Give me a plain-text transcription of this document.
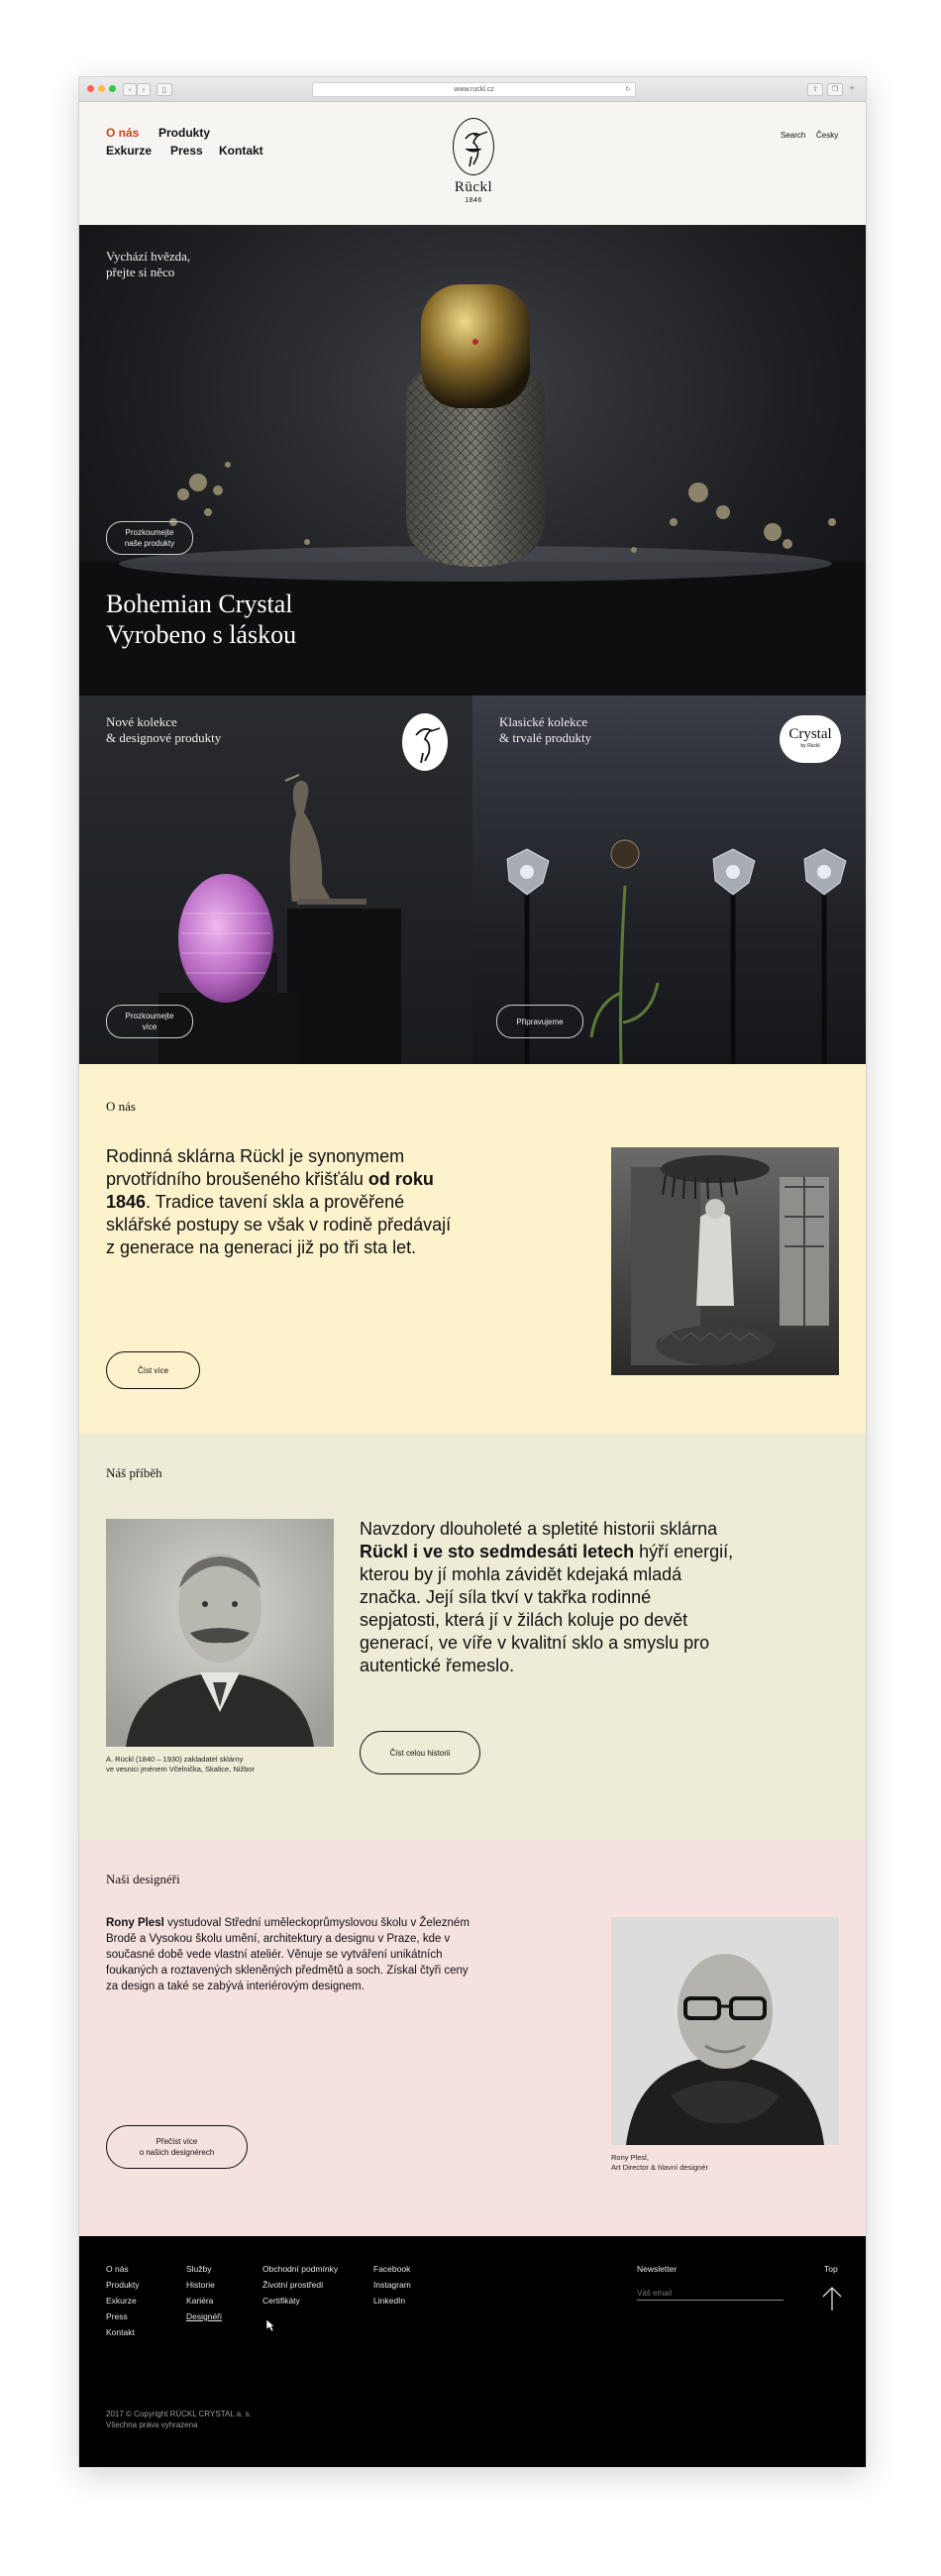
‹	›	▯	www.ruckl.cz	↻	⇧	❐	+
O nás Produkty
Exkurze Press Kontakt
Rückl
1846
Search Česky
Vychází hvězda,
přejte si něco
Prozkoumejte
naše produkty
Bohemian Crystal
Vyrobeno s láskou
Nové kolekce
& designové produkty
Prozkoumejte
více
Klasické kolekce
& trvalé produkty	Crystal
by Rückl
Připravujeme
O nás
Rodinná sklárna Rückl je synonymem prvotřídního broušeného křišťálu od roku 1846. Tradice tavení skla a prověřené sklářské postupy se však v rodině předávají z generace na generaci již po tři sta let.
Číst více
Náš příběh
A. Rückl (1840 – 1930) zakladatel sklárny
ve vesnici jménem Včelnička, Skalice, Nižbor
Navzdory dlouholeté a spletité historii sklárna Rückl i ve sto sedmdesáti letech hýří energií, kterou by jí mohla závidět kdejaká mladá značka. Její síla tkví v takřka rodinné sepjatosti, která jí v žilách koluje po devět generací, ve víře v kvalitní sklo a smyslu pro autentické řemeslo.
Číst celou historii
Naši designéři
Rony Plesl vystudoval Střední uměleckoprůmyslovou školu v Železném Brodě a Vysokou školu umění, architektury a designu v Praze, kde v současné době vede vlastní ateliér. Věnuje se vytváření unikátních foukaných a roztavených skleněných předmětů a soch. Získal čtyři ceny za design a také se zabývá interiérovým designem.
Přečíst více
o našich designérech
Rony Plesl,
Art Director & hlavní designér
O nás
Produkty
Exkurze
Press
Kontakt
Služby
Historie
Kariéra
Designéři
Obchodní podmínky
Životní prostředí
Certifikáty
Facebook
Instagram
LinkedIn
Newsletter
Váš email	Top
2017 © Copyright RÜCKL CRYSTAL a. s.
Všechna práva vyhrazena
